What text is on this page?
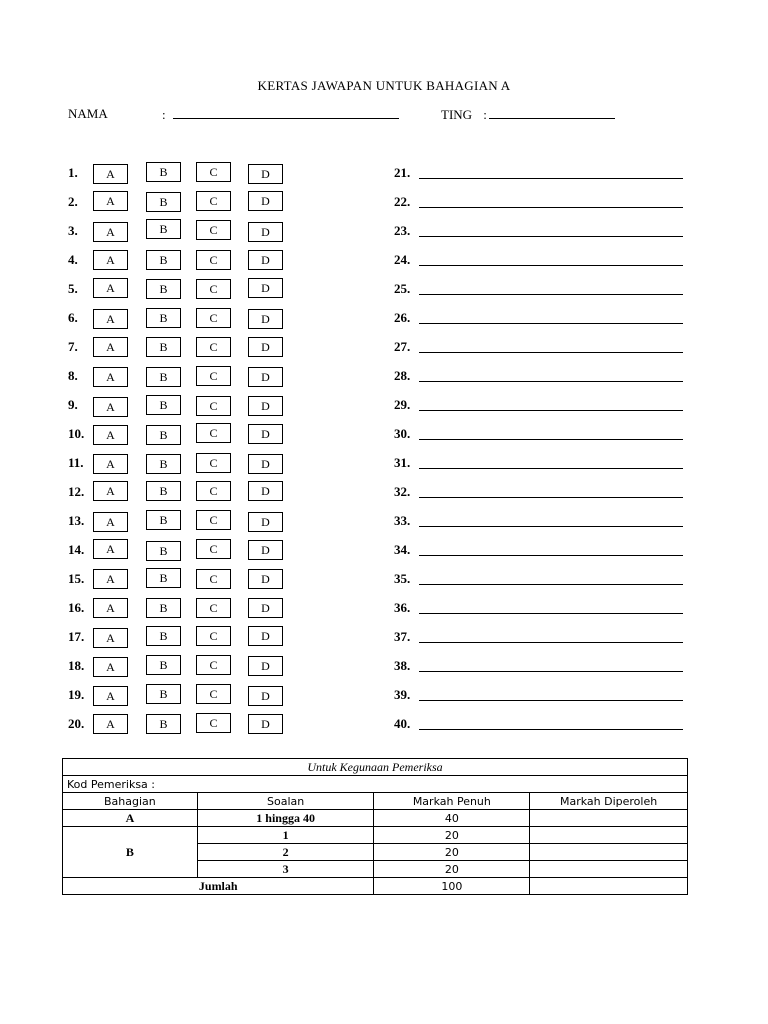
KERTAS JAWAPAN UNTUK BAHAGIAN A
NAMA	:	TING :
1.	A	B	C	D
2.	A	B	C	D
3.	A	B	C	D
4.	A	B	C	D
5.	A	B	C	D
6.	A	B	C	D
7.	A	B	C	D
8.	A	B	C	D
9.	A	B	C	D
10.	A	B	C	D
11.	A	B	C	D
12.	A	B	C	D
13.	A	B	C	D
14.	A	B	C	D
15.	A	B	C	D
16.	A	B	C	D
17.	A	B	C	D
18.	A	B	C	D
19.	A	B	C	D
20.	A	B	C	D
21.
22.
23.
24.
25.
26.
27.
28.
29.
30.
31.
32.
33.
34.
35.
36.
37.
38.
39.
40.
Untuk Kegunaan Pemeriksa			
Kod Pemeriksa :			
Bahagian	Soalan	Markah Penuh	Markah Diperoleh
A	1 hingga 40	40	
B	1	20	
	2	20	
	3	20	
Jumlah		100	
